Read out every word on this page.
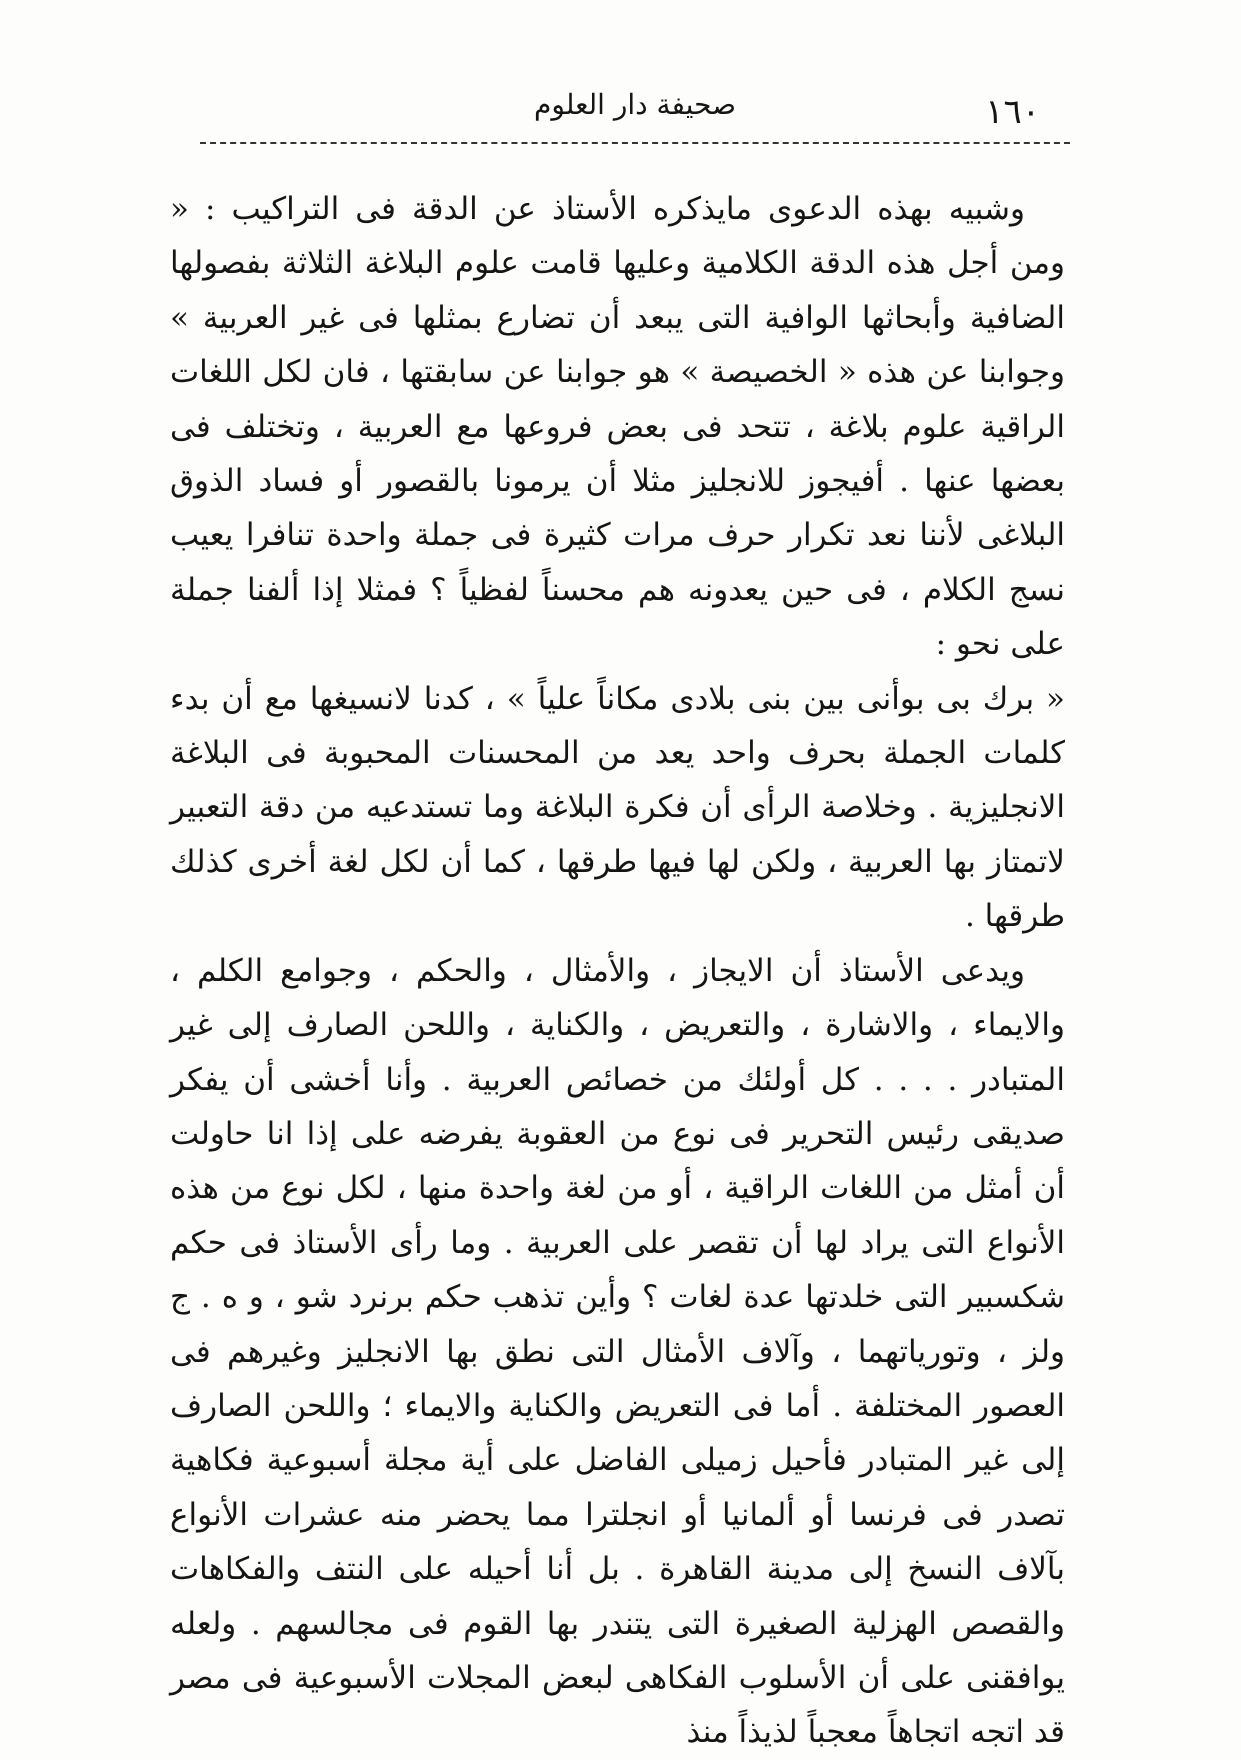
١٦٠
صحيفة دار العلوم

وشبيه بهذه الدعوى مايذكره الأستاذ عن الدقة فى التراكيب : « ومن أجل هذه الدقة الكلامية وعليها قامت علوم البلاغة الثلاثة بفصولها الضافية وأبحاثها الوافية التى يبعد أن تضارع بمثلها فى غير العربية » وجوابنا عن هذه « الخصيصة » هو جوابنا عن سابقتها ، فان لكل اللغات الراقية علوم بلاغة ، تتحد فى بعض فروعها مع العربية ، وتختلف فى بعضها عنها . أفيجوز للانجليز مثلا أن يرمونا بالقصور أو فساد الذوق البلاغى لأننا نعد تكرار حرف مرات كثيرة فى جملة واحدة تنافرا يعيب نسج الكلام ، فى حين يعدونه هم محسناً لفظياً ؟ فمثلا إذا ألفنا جملة على نحو :

« برك بى بوأنى بين بنى بلادى مكاناً علياً » ، كدنا لانسيغها مع أن بدء كلمات الجملة بحرف واحد يعد من المحسنات المحبوبة فى البلاغة الانجليزية . وخلاصة الرأى أن فكرة البلاغة وما تستدعيه من دقة التعبير لاتمتاز بها العربية ، ولكن لها فيها طرقها ، كما أن لكل لغة أخرى كذلك طرقها .

ويدعى الأستاذ أن الايجاز ، والأمثال ، والحكم ، وجوامع الكلم ، والايماء ، والاشارة ، والتعريض ، والكناية ، واللحن الصارف إلى غير المتبادر . . . . كل أولئك من خصائص العربية . وأنا أخشى أن يفكر صديقى رئيس التحرير فى نوع من العقوبة يفرضه على إذا انا حاولت أن أمثل من اللغات الراقية ، أو من لغة واحدة منها ، لكل نوع من هذه الأنواع التى يراد لها أن تقصر على العربية . وما رأى الأستاذ فى حكم شكسبير التى خلدتها عدة لغات ؟ وأين تذهب حكم برنرد شو ، و ه . ج ولز ، وتورياتهما ، وآلاف الأمثال التى نطق بها الانجليز وغيرهم فى العصور المختلفة . أما فى التعريض والكناية والايماء ؛ واللحن الصارف إلى غير المتبادر فأحيل زميلى الفاضل على أية مجلة أسبوعية فكاهية تصدر فى فرنسا أو ألمانيا أو انجلترا مما يحضر منه عشرات الأنواع بآلاف النسخ إلى مدينة القاهرة . بل أنا أحيله على النتف والفكاهات والقصص الهزلية الصغيرة التى يتندر بها القوم فى مجالسهم . ولعله يوافقنى على أن الأسلوب الفكاهى لبعض المجلات الأسبوعية فى مصر قد اتجه اتجاهاً معجباً لذيذاً منذ
